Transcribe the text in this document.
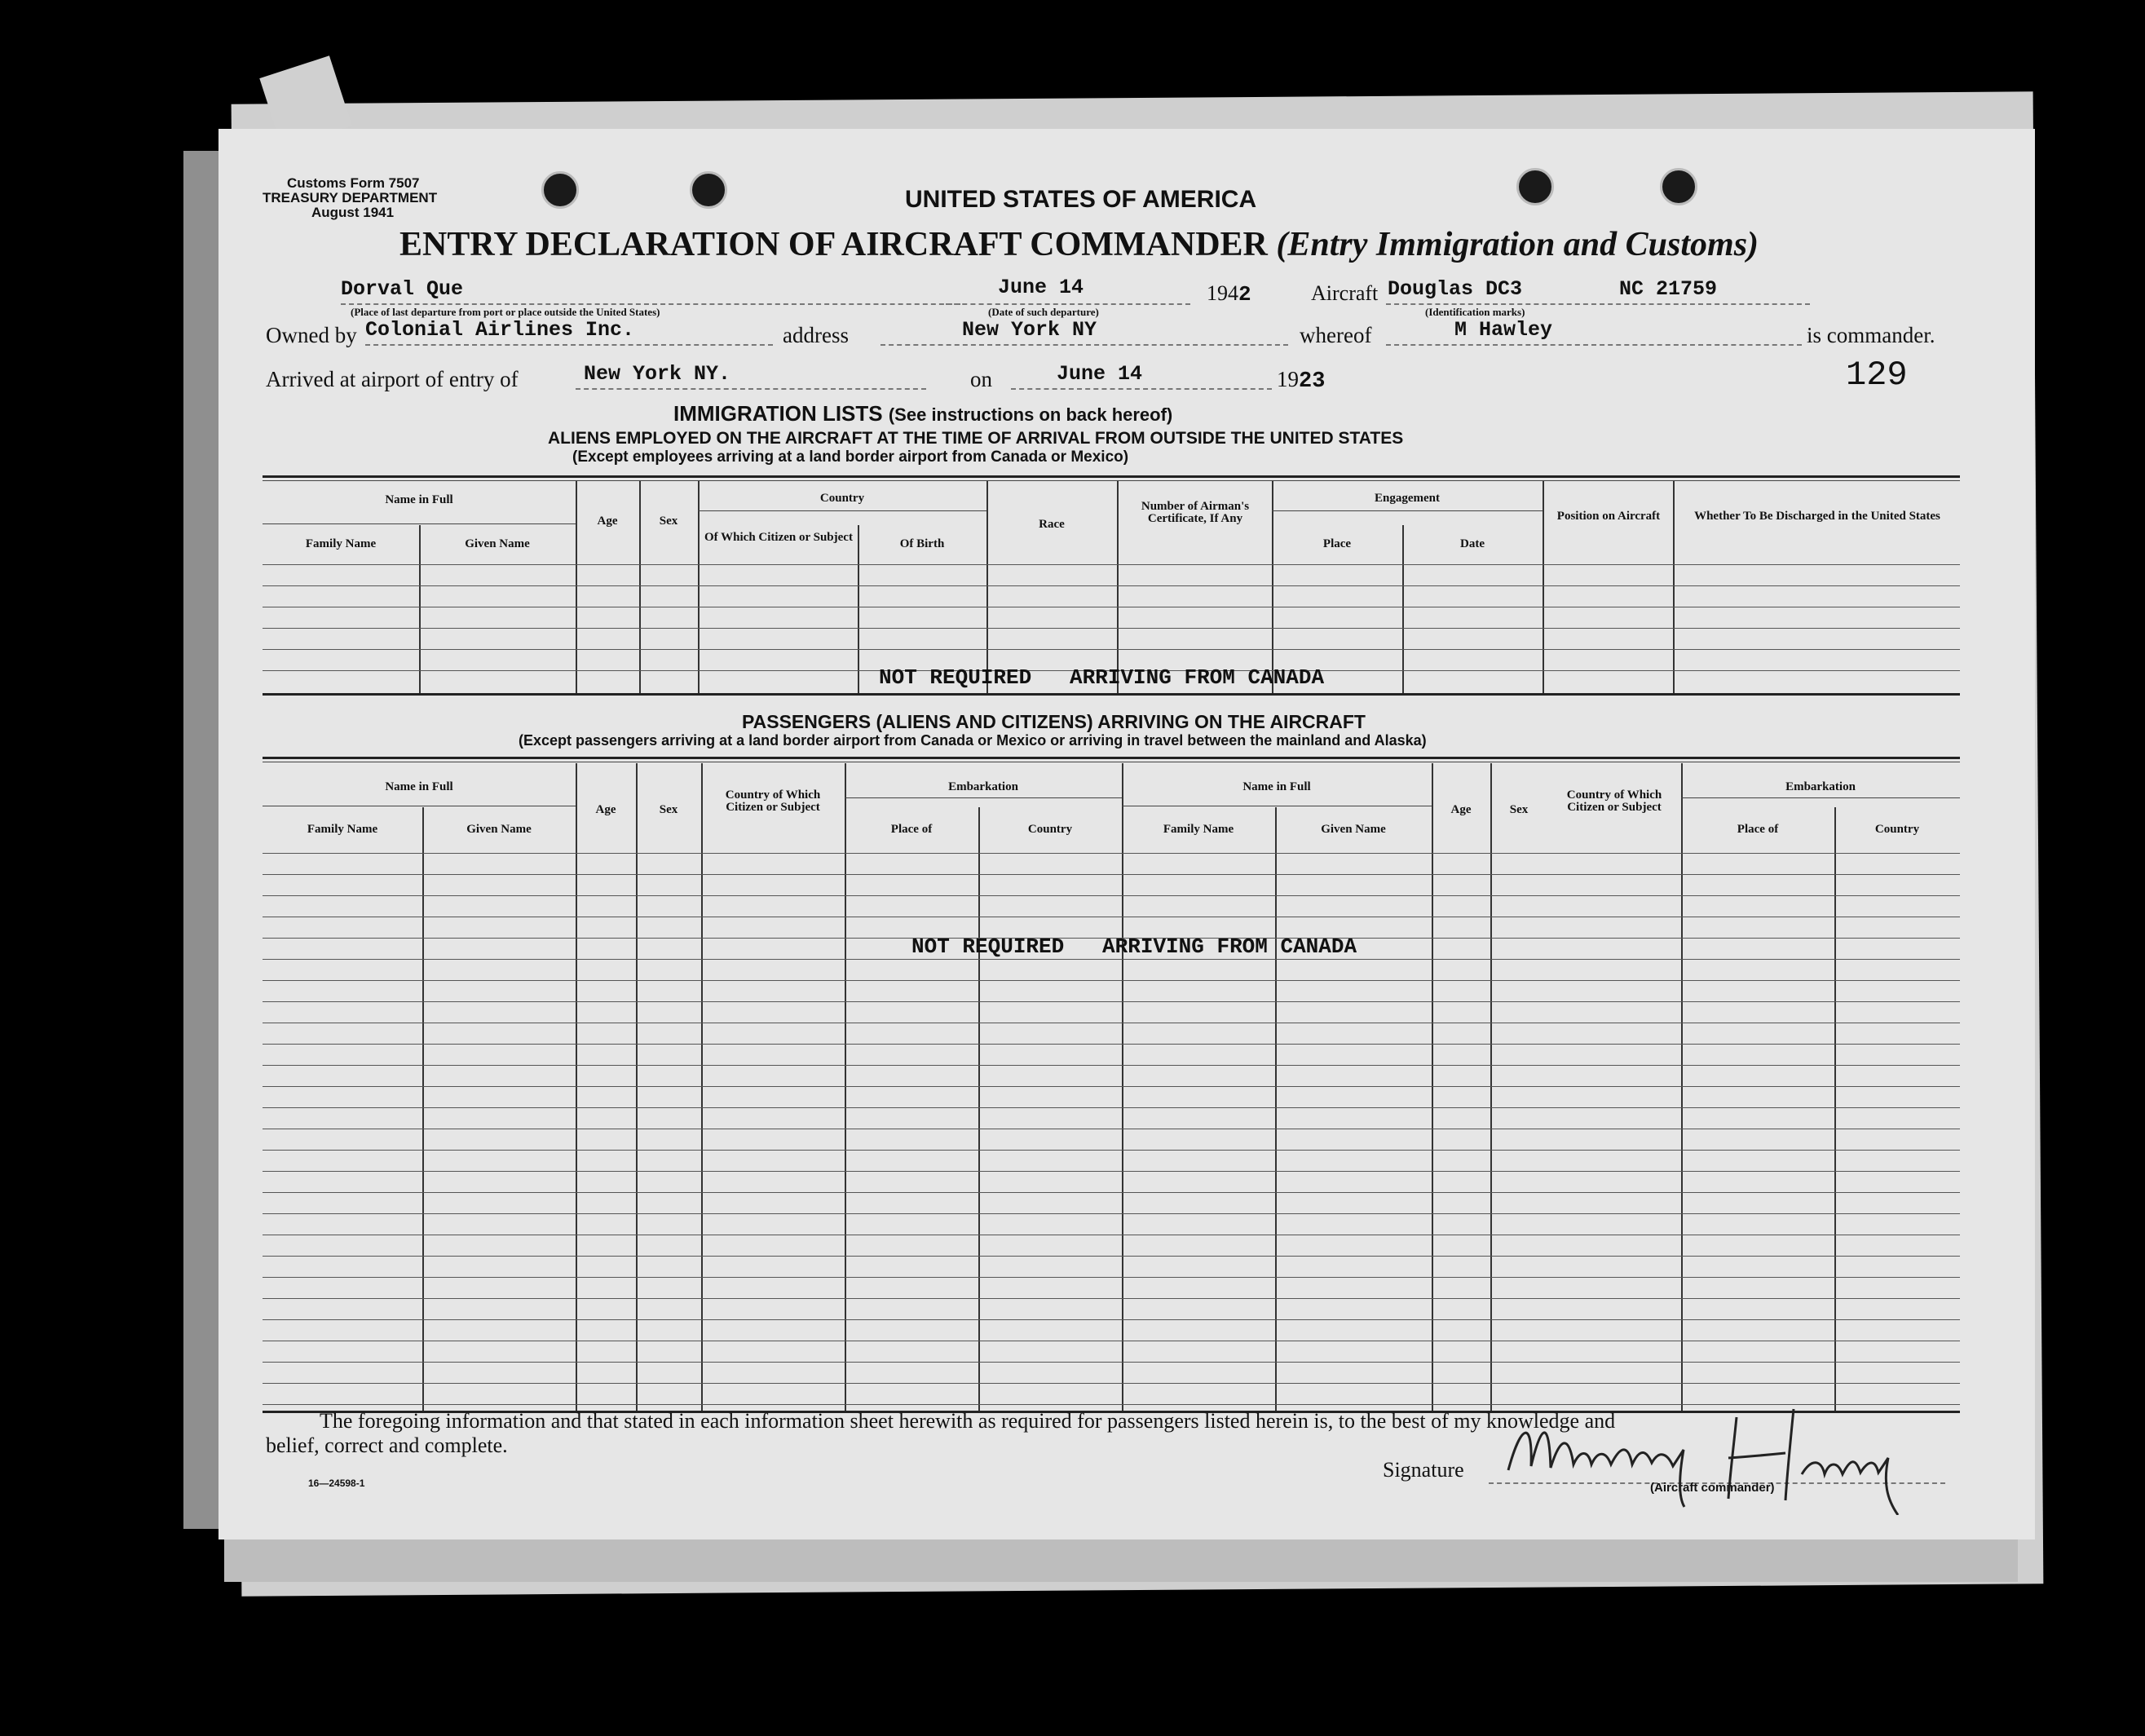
Customs Form 7507
TREASURY DEPARTMENT
August 1941	UNITED STATES OF AMERICA
ENTRY DECLARATION OF AIRCRAFT COMMANDER (Entry Immigration and Customs)
Dorval Que
(Place of last departure from port or place outside the United States)
June 14
(Date of such departure)
1942	Aircraft Douglas DC3	NC 21759
(Identification marks)
Owned by Colonial Airlines Inc.	address	New York NY	whereof	M Hawley	is commander.
Arrived at airport of entry of	New York NY.	on	June 14	1923	129
IMMIGRATION LISTS (See instructions on back hereof)
ALIENS EMPLOYED ON THE AIRCRAFT AT THE TIME OF ARRIVAL FROM OUTSIDE THE UNITED STATES
(Except employees arriving at a land border airport from Canada or Mexico)
Name in Full
Family Name	Given Name
Age	Sex
Country
Of Which Citizen or Subject	Of Birth
Race
Number of Airman's Certificate, If Any
Engagement
Place	Date
Position on Aircraft	Whether To Be Discharged in the United States
NOT REQUIRED   ARRIVING FROM CANADA
PASSENGERS (ALIENS AND CITIZENS) ARRIVING ON THE AIRCRAFT
(Except passengers arriving at a land border airport from Canada or Mexico or arriving in travel between the mainland and Alaska)
Name in Full
Family Name	Given Name
Age	Sex
Country of Which Citizen or Subject
Embarkation
Place of	Country
Name in Full
Family Name	Given Name
Age	Sex
Country of Which Citizen or Subject
Embarkation
Place of	Country
NOT REQUIRED   ARRIVING FROM CANADA
The foregoing information and that stated in each information sheet herewith as required for passengers listed herein is, to the best of my knowledge and
belief, correct and complete.
16—24598-1
Signature
(Aircraft commander)
